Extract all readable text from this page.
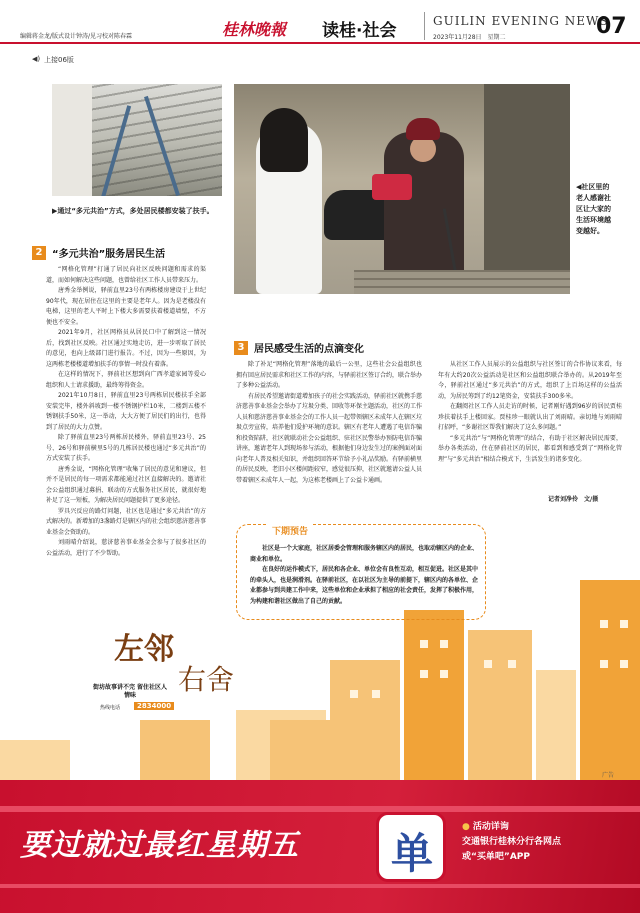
编辑蒋金龙/版式设计钟涛/见习校对陈春霖	桂林晚報 读桂·社会	GUILIN EVENING NEWS
2023年11月28日　星期二	07
◀) 上接06版
▶通过“多元共治”方式，多处居民楼都安装了扶手。
◀社区里的老人感谢社区让大家的生活环境越变越好。
2 “多元共治”服务居民生活

“网格化管理”打通了居民向社区反映问题和需求的渠道，而如何解决这些问题，也曾给社区工作人员带来压力。

唐秀金举例说，驿前直里23号有两栋楼房建设于上世纪90年代，现在居住在这里的主要是老年人。因为是老楼没有电梯，这里的老人平时上下楼大多需要扶着楼道墙壁，不方便也不安全。

2021年9月，社区网格员从居民口中了解到这一情况后，找到社区反映。社区通过实地走访，进一步听取了居民的意见，也向上级部门进行报告。不过，因为一些原因，为这两栋老楼楼道增加扶手的事情一时没有着落。

在这样的情况下，驿前社区想到向广西孝道家园等爱心组织和人士请求援助，最终筹得资金。

2021年10月8日，驿前直里23号两栋居民楼扶手全部安装完毕，楼外斜坡到一楼不锈钢护栏10米，二楼到五楼不锈钢扶手50米，这一举动，大大方便了居民们的出行，也得到了居民的大力点赞。

除了驿前直里23号两栋居民楼外，驿前直里23号、25号、26号和驿前横里5号的几栋居民楼也通过“多元共治”的方式安装了扶手。

唐秀金说，“网格化管理”收集了居民的意见和建议，但并不是居民的每一项需求都能通过社区直接解决的。邀请社会公益组织通过募捐、联动的方式服务社区居民，就很好地补足了这一短板，为解决居民问题提供了更多途径。

罗具兴反应的路灯问题，社区也是通过“多元共治”的方式解决的。新增加的3盏路灯是辖区内的社会组织慈济慈善事业基金会资助的。

刘雨晴介绍说，慈济慈善事业基金会参与了很多社区的公益活动，进行了不少帮助。

3 居民感受生活的点滴变化

除了补足“网格化管理”落地的最后一公里，这些社会公益组织也拥有回应居民需求和社区工作的内容，与驿前社区签订合约，联合举办了多种公益活动。

有居民希望邀请街道增加孩子的社会实践活动，驿前社区就携手慈济慈善事业基金会举办了垃圾分类、回收等环保主题活动，社区的工作人员和慈济慈善事业基金会的工作人员一起带领辖区未成年人在辖区垃圾点旁宣传，培养他们爱护环境的意识。辖区有老年人遭遇了电信诈骗和投资陷阱，社区就联动社会公益组织、驻社区民警举办预防电信诈骗讲座，邀请老年人到现场参与活动，根据他们身边发生过的案例面对面向老年人普及相关知识，并组织回答环节给予小礼品奖励。有驿前横里的居民反映，老旧小区楼间距较窄，感觉很压抑，社区就邀请公益人员带着辖区未成年人一起，为这栋老楼画上了公益卡通画。

从社区工作人员展示的公益组织与社区签订的合作协议来看，每年有大约20次公益活动是社区和公益组织联合举办的。从2019年至今，驿前社区通过“多元共治”的方式，组织了上百场这样的公益活动，为居民筹到了约12笔资金，安装扶手300多米。

在翻阅社区工作人员走访的时候，记者刚好遇到96岁的居民贾桂珍扶着扶手上楼回家。贾桂珍一眼就认出了刘雨晴。亲切地与刘雨晴打招呼，“多谢社区帮我们解决了这么多问题。”

“多元共治”与“网格化管理”的结合，有助于社区解决居民需要，举办各类活动，住在驿前社区的居民，都看到和感受到了“网格化管理”与“多元共治”相结合模式下，生活发生的诸多变化。

记者刘净伶　文/摄
下期预告

社区是一个大家庭，社区居委会管理和服务辖区内的居民，也取动辖区内的企业、商业和单位。

在良好的运作模式下，居民和各企业、单位会有良性互动，相互促进。社区是其中的牵头人，也是润滑剂。在驿前社区，在以社区为主导的前提下，辖区内的各单位、企业都参与到共建工作中来，这些单位和企业承担了相应的社会责任，发挥了积极作用，为构建和谐社区做出了自己的贡献。

左邻
右舍
街坊故事讲不完 留住社区人情味
热线电话	2834000
要过就过最红星期五
广告
单
● 活动详询
交通银行桂林分行各网点
或“买单吧”APP
